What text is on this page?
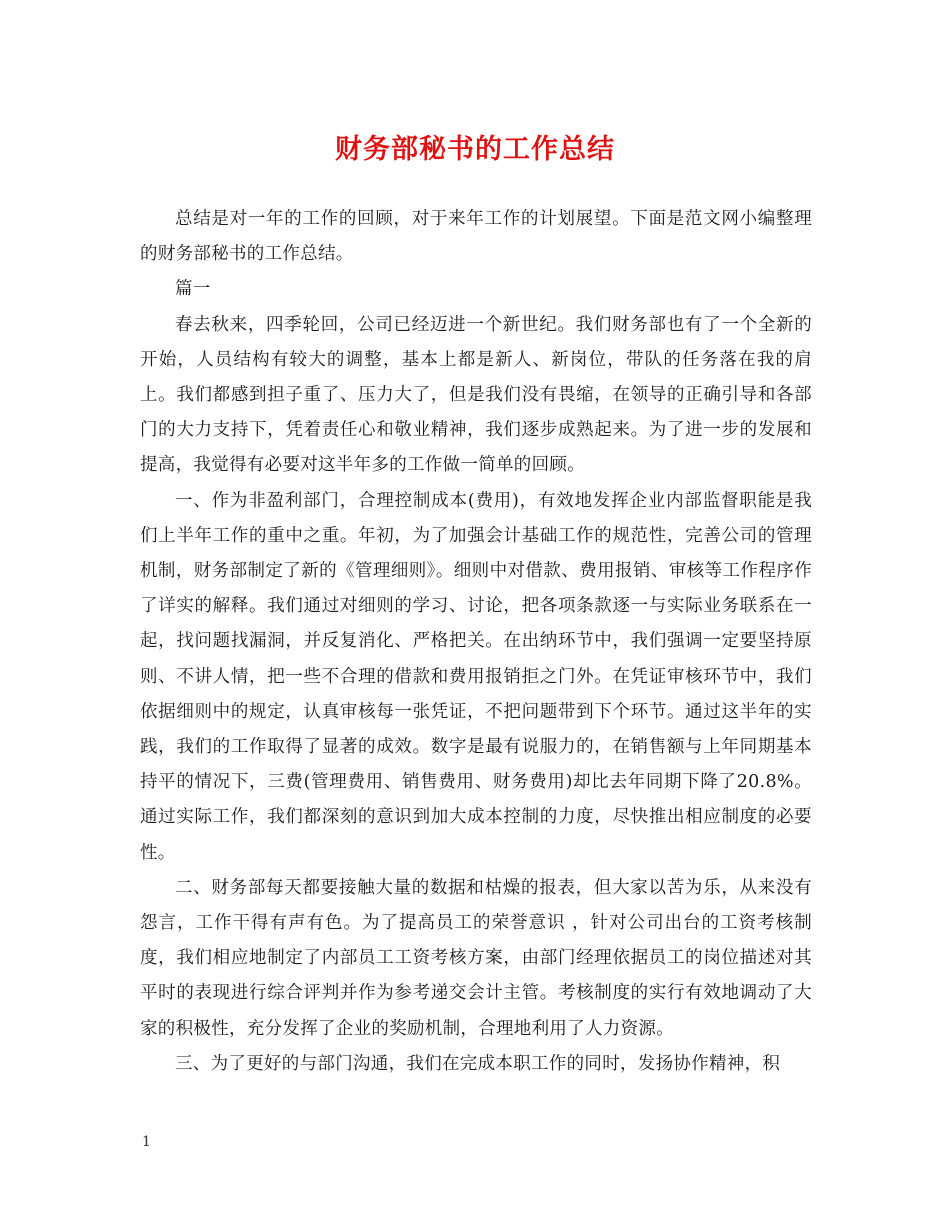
财务部秘书的工作总结

总结是对一年的工作的回顾，对于来年工作的计划展望。下面是范文网小编整理的财务部秘书的工作总结。

篇一

春去秋来，四季轮回，公司已经迈进一个新世纪。我们财务部也有了一个全新的开始，人员结构有较大的调整，基本上都是新人、新岗位，带队的任务落在我的肩上。我们都感到担子重了、压力大了，但是我们没有畏缩，在领导的正确引导和各部门的大力支持下，凭着责任心和敬业精神，我们逐步成熟起来。为了进一步的发展和提高，我觉得有必要对这半年多的工作做一简单的回顾。

一、作为非盈利部门，合理控制成本(费用)，有效地发挥企业内部监督职能是我们上半年工作的重中之重。年初，为了加强会计基础工作的规范性，完善公司的管理机制，财务部制定了新的《管理细则》。细则中对借款、费用报销、审核等工作程序作了详实的解释。我们通过对细则的学习、讨论，把各项条款逐一与实际业务联系在一起，找问题找漏洞，并反复消化、严格把关。在出纳环节中，我们强调一定要坚持原则、不讲人情，把一些不合理的借款和费用报销拒之门外。在凭证审核环节中，我们依据细则中的规定，认真审核每一张凭证，不把问题带到下个环节。通过这半年的实践，我们的工作取得了显著的成效。数字是最有说服力的，在销售额与上年同期基本持平的情况下，三费(管理费用、销售费用、财务费用)却比去年同期下降了20.8%。通过实际工作，我们都深刻的意识到加大成本控制的力度，尽快推出相应制度的必要性。

二、财务部每天都要接触大量的数据和枯燥的报表，但大家以苦为乐，从来没有怨言，工作干得有声有色。为了提高员工的荣誉意识 ，针对公司出台的工资考核制度，我们相应地制定了内部员工工资考核方案，由部门经理依据员工的岗位描述对其平时的表现进行综合评判并作为参考递交会计主管。考核制度的实行有效地调动了大家的积极性，充分发挥了企业的奖励机制，合理地利用了人力资源。

三、为了更好的与部门沟通，我们在完成本职工作的同时，发扬协作精神，积

1
